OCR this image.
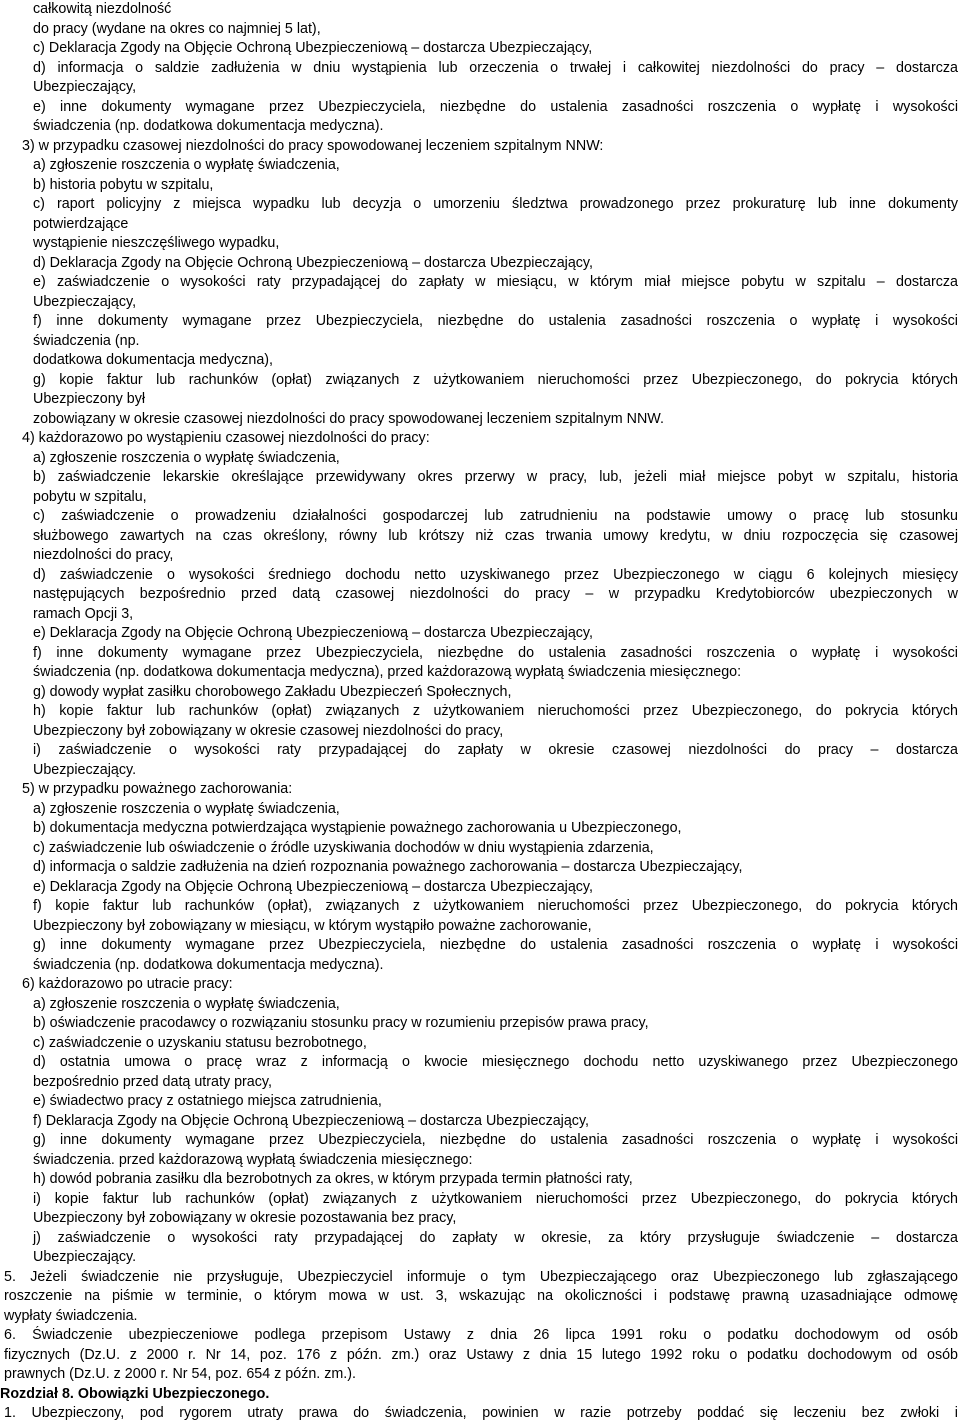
całkowitą niezdolność
do pracy (wydane na okres co najmniej 5 lat),
c) Deklaracja Zgody na Objęcie Ochroną Ubezpieczeniową – dostarcza Ubezpieczający,
d) informacja o saldzie zadłużenia w dniu wystąpienia lub orzeczenia o trwałej i całkowitej niezdolności do pracy – dostarcza
Ubezpieczający,
e) inne dokumenty wymagane przez Ubezpieczyciela, niezbędne do ustalenia zasadności roszczenia o wypłatę i wysokości
świadczenia (np. dodatkowa dokumentacja medyczna).
3) w przypadku czasowej niezdolności do pracy spowodowanej leczeniem szpitalnym NNW:
a) zgłoszenie roszczenia o wypłatę świadczenia,
b) historia pobytu w szpitalu,
c) raport policyjny z miejsca wypadku lub decyzja o umorzeniu śledztwa prowadzonego przez prokuraturę lub inne dokumenty
potwierdzające
wystąpienie nieszczęśliwego wypadku,
d) Deklaracja Zgody na Objęcie Ochroną Ubezpieczeniową – dostarcza Ubezpieczający,
e) zaświadczenie o wysokości raty przypadającej do zapłaty w miesiącu, w którym miał miejsce pobytu w szpitalu – dostarcza
Ubezpieczający,
f) inne dokumenty wymagane przez Ubezpieczyciela, niezbędne do ustalenia zasadności roszczenia o wypłatę i wysokości
świadczenia (np.
dodatkowa dokumentacja medyczna),
g) kopie faktur lub rachunków (opłat) związanych z użytkowaniem nieruchomości przez Ubezpieczonego, do pokrycia których
Ubezpieczony był
zobowiązany w okresie czasowej niezdolności do pracy spowodowanej leczeniem szpitalnym NNW.
4) każdorazowo po wystąpieniu czasowej niezdolności do pracy:
a) zgłoszenie roszczenia o wypłatę świadczenia,
b) zaświadczenie lekarskie określające przewidywany okres przerwy w pracy, lub, jeżeli miał miejsce pobyt w szpitalu, historia
pobytu w szpitalu,
c) zaświadczenie o prowadzeniu działalności gospodarczej lub zatrudnieniu na podstawie umowy o pracę lub stosunku
służbowego zawartych na czas określony, równy lub krótszy niż czas trwania umowy kredytu, w dniu rozpoczęcia się czasowej
niezdolności do pracy,
d) zaświadczenie o wysokości średniego dochodu netto uzyskiwanego przez Ubezpieczonego w ciągu 6 kolejnych miesięcy
następujących bezpośrednio przed datą czasowej niezdolności do pracy – w przypadku Kredytobiorców ubezpieczonych w
ramach Opcji 3,
e) Deklaracja Zgody na Objęcie Ochroną Ubezpieczeniową – dostarcza Ubezpieczający,
f) inne dokumenty wymagane przez Ubezpieczyciela, niezbędne do ustalenia zasadności roszczenia o wypłatę i wysokości
świadczenia (np. dodatkowa dokumentacja medyczna), przed każdorazową wypłatą świadczenia miesięcznego:
g) dowody wypłat zasiłku chorobowego Zakładu Ubezpieczeń Społecznych,
h) kopie faktur lub rachunków (opłat) związanych z użytkowaniem nieruchomości przez Ubezpieczonego, do pokrycia których
Ubezpieczony był zobowiązany w okresie czasowej niezdolności do pracy,
i) zaświadczenie o wysokości raty przypadającej do zapłaty w okresie czasowej niezdolności do pracy – dostarcza
Ubezpieczający.
5) w przypadku poważnego zachorowania:
a) zgłoszenie roszczenia o wypłatę świadczenia,
b) dokumentacja medyczna potwierdzająca wystąpienie poważnego zachorowania u Ubezpieczonego,
c) zaświadczenie lub oświadczenie o źródle uzyskiwania dochodów w dniu wystąpienia zdarzenia,
d) informacja o saldzie zadłużenia na dzień rozpoznania poważnego zachorowania – dostarcza Ubezpieczający,
e) Deklaracja Zgody na Objęcie Ochroną Ubezpieczeniową – dostarcza Ubezpieczający,
f) kopie faktur lub rachunków (opłat), związanych z użytkowaniem nieruchomości przez Ubezpieczonego, do pokrycia których
Ubezpieczony był zobowiązany w miesiącu, w którym wystąpiło poważne zachorowanie,
g) inne dokumenty wymagane przez Ubezpieczyciela, niezbędne do ustalenia zasadności roszczenia o wypłatę i wysokości
świadczenia (np. dodatkowa dokumentacja medyczna).
6) każdorazowo po utracie pracy:
a) zgłoszenie roszczenia o wypłatę świadczenia,
b) oświadczenie pracodawcy o rozwiązaniu stosunku pracy w rozumieniu przepisów prawa pracy,
c) zaświadczenie o uzyskaniu statusu bezrobotnego,
d) ostatnia umowa o pracę wraz z informacją o kwocie miesięcznego dochodu netto uzyskiwanego przez Ubezpieczonego
bezpośrednio przed datą utraty pracy,
e) świadectwo pracy z ostatniego miejsca zatrudnienia,
f) Deklaracja Zgody na Objęcie Ochroną Ubezpieczeniową – dostarcza Ubezpieczający,
g) inne dokumenty wymagane przez Ubezpieczyciela, niezbędne do ustalenia zasadności roszczenia o wypłatę i wysokości
świadczenia. przed każdorazową wypłatą świadczenia miesięcznego:
h) dowód pobrania zasiłku dla bezrobotnych za okres, w którym przypada termin płatności raty,
i) kopie faktur lub rachunków (opłat) związanych z użytkowaniem nieruchomości przez Ubezpieczonego, do pokrycia których
Ubezpieczony był zobowiązany w okresie pozostawania bez pracy,
j) zaświadczenie o wysokości raty przypadającej do zapłaty w okresie, za który przysługuje świadczenie – dostarcza
Ubezpieczający.
5. Jeżeli świadczenie nie przysługuje, Ubezpieczyciel informuje o tym Ubezpieczającego oraz Ubezpieczonego lub zgłaszającego
roszczenie na piśmie w terminie, o którym mowa w ust. 3, wskazując na okoliczności i podstawę prawną uzasadniające odmowę
wypłaty świadczenia.
6. Świadczenie ubezpieczeniowe podlega przepisom Ustawy z dnia 26 lipca 1991 roku o podatku dochodowym od osób
fizycznych (Dz.U. z 2000 r. Nr 14, poz. 176 z późn. zm.) oraz Ustawy z dnia 15 lutego 1992 roku o podatku dochodowym od osób
prawnych (Dz.U. z 2000 r. Nr 54, poz. 654 z późn. zm.).
Rozdział 8. Obowiązki Ubezpieczonego.
1. Ubezpieczony, pod rygorem utraty prawa do świadczenia, powinien w razie potrzeby poddać się leczeniu bez zwłoki i
